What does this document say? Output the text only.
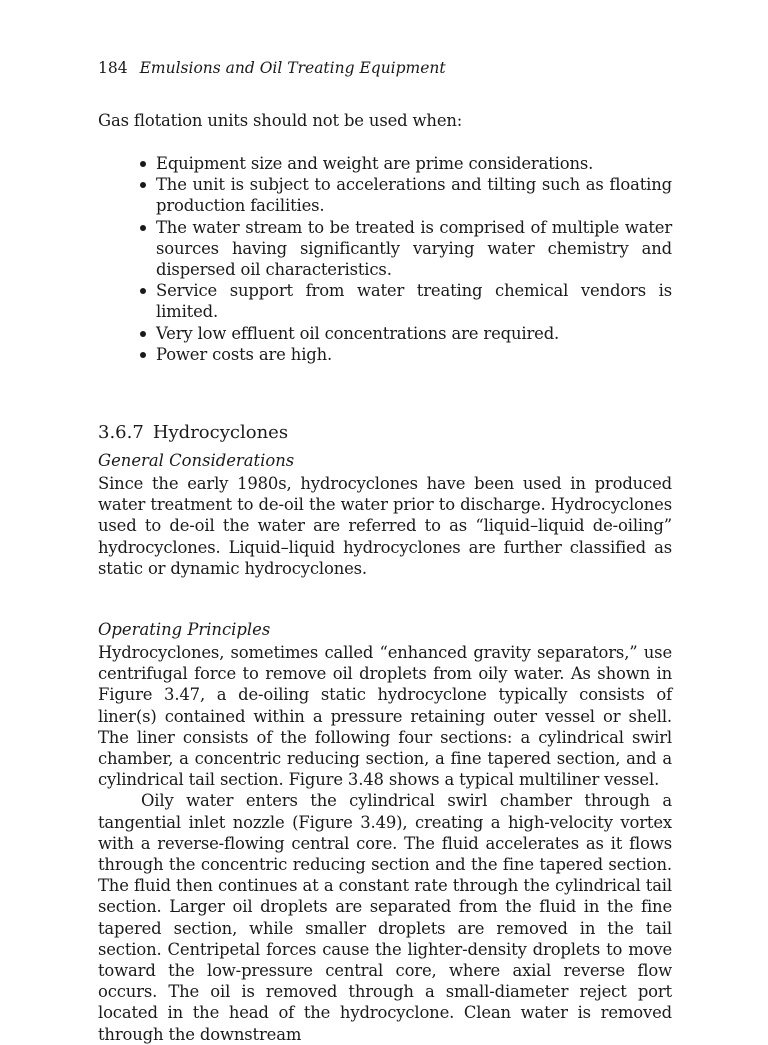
184 Emulsions and Oil Treating Equipment
Gas flotation units should not be used when:
Equipment size and weight are prime considerations.
The unit is subject to accelerations and tilting such as floating production facilities.
The water stream to be treated is comprised of multiple water sources having significantly varying water chemistry and dispersed oil characteristics.
Service support from water treating chemical vendors is limited.
Very low effluent oil concentrations are required.
Power costs are high.
3.6.7 Hydrocyclones
General Considerations
Since the early 1980s, hydrocyclones have been used in produced water treatment to de-oil the water prior to discharge. Hydrocyclones used to de-oil the water are referred to as “liquid–liquid de-oiling” hydrocyclones. Liquid–liquid hydrocyclones are further classified as static or dynamic hydrocyclones.
Operating Principles

Hydrocyclones, sometimes called “enhanced gravity separators,” use centrifugal force to remove oil droplets from oily water. As shown in Figure 3.47, a de-oiling static hydrocyclone typically consists of liner(s) contained within a pressure retaining outer vessel or shell. The liner consists of the following four sections: a cylindrical swirl chamber, a concentric reducing section, a fine tapered section, and a cylindrical tail section. Figure 3.48 shows a typical multiliner vessel.

Oily water enters the cylindrical swirl chamber through a tangential inlet nozzle (Figure 3.49), creating a high-velocity vortex with a reverse-flowing central core. The fluid accelerates as it flows through the concentric reducing section and the fine tapered section. The fluid then continues at a constant rate through the cylindrical tail section. Larger oil droplets are separated from the fluid in the fine tapered section, while smaller droplets are removed in the tail section. Centripetal forces cause the lighter-density droplets to move toward the low-pressure central core, where axial reverse flow occurs. The oil is removed through a small-diameter reject port located in the head of the hydrocyclone. Clean water is removed through the downstream
